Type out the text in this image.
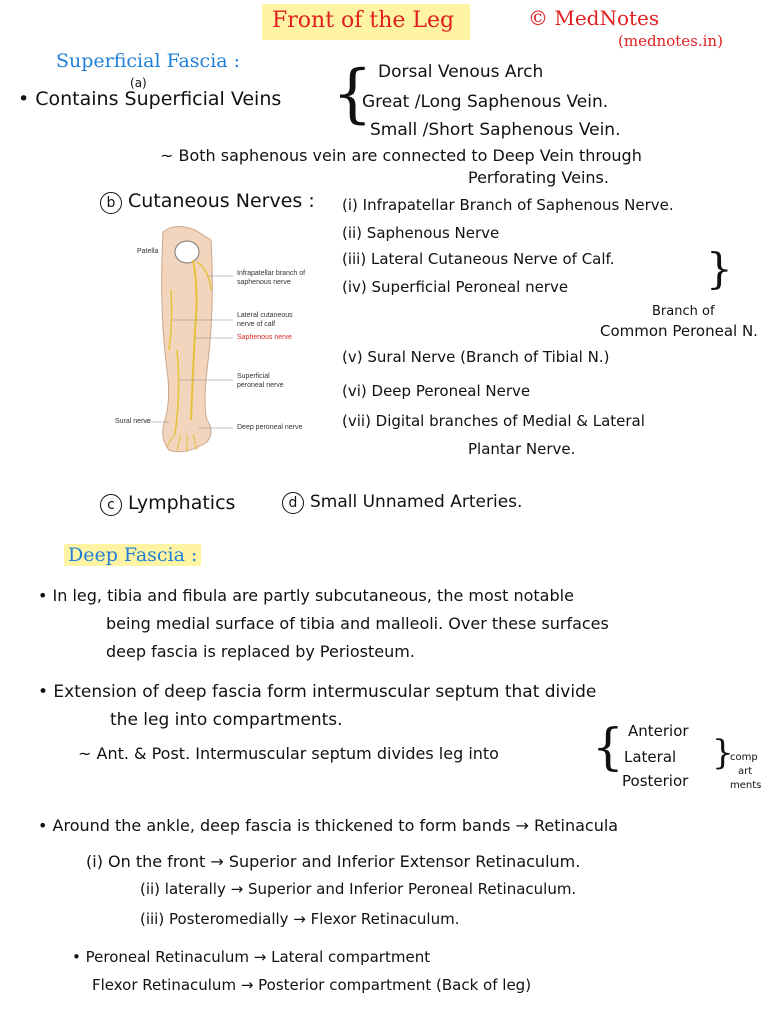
Front of the Leg	© MedNotes
(mednotes.in)
Superficial Fascia :
(a)
• Contains Superficial Veins { Dorsal Venous Arch
Great /Long Saphenous Vein.
Small /Short Saphenous Vein.
~ Both saphenous vein are connected to Deep Vein through
Perforating Veins.
b Cutaneous Nerves : (i) Infrapatellar Branch of Saphenous Nerve.
(ii) Saphenous Nerve
(iii) Lateral Cutaneous Nerve of Calf.
(iv) Superficial Peroneal nerve	}
Branch of
Common Peroneal N.
(v) Sural Nerve (Branch of Tibial N.)
(vi) Deep Peroneal Nerve
(vii) Digital branches of Medial & Lateral
Plantar Nerve.
Patella
Infrapatellar branch of
saphenous nerve
Lateral cutaneous
nerve of calf
Saphenous nerve
Superficial
peroneal nerve
Sural nerve
Deep peroneal nerve
c Lymphatics	d Small Unnamed Arteries.
Deep Fascia :
• In leg, tibia and fibula are partly subcutaneous, the most notable
being medial surface of tibia and malleoli. Over these surfaces
deep fascia is replaced by Periosteum.
• Extension of deep fascia form intermuscular septum that divide
the leg into compartments.
~ Ant. & Post. Intermuscular septum divides leg into { Anterior
Lateral
Posterior
}
comp
art
ments
• Around the ankle, deep fascia is thickened to form bands → Retinacula
(i) On the front → Superior and Inferior Extensor Retinaculum.
(ii) laterally → Superior and Inferior Peroneal Retinaculum.
(iii) Posteromedially → Flexor Retinaculum.
• Peroneal Retinaculum → Lateral compartment
Flexor Retinaculum → Posterior compartment (Back of leg)
